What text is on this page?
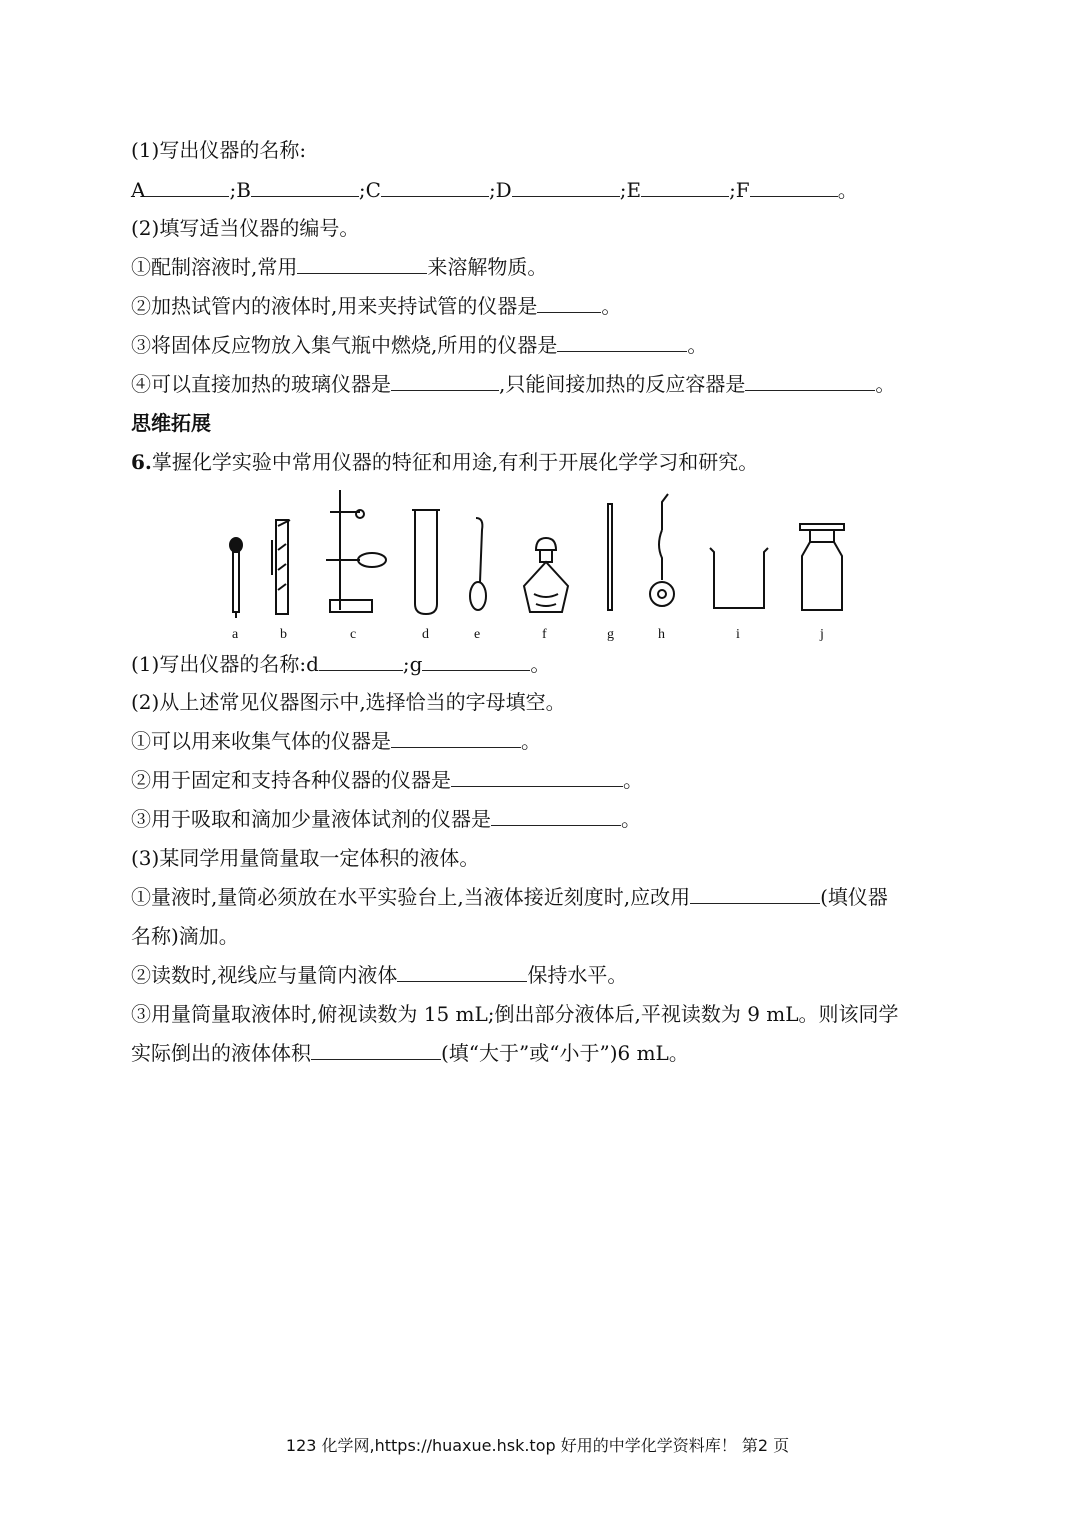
(1)写出仪器的名称:
A	;B	;C	;D	;E	;F	。
(2)填写适当仪器的编号。
①配制溶液时,常用	来溶解物质。
②加热试管内的液体时,用来夹持试管的仪器是	。
③将固体反应物放入集气瓶中燃烧,所用的仪器是	。
④可以直接加热的玻璃仪器是	,只能间接加热的反应容器是	。
思维拓展
6.掌握化学实验中常用仪器的特征和用途,有利于开展化学学习和研究。
a	b	c	d	e	f	g	h	i	j
(1)写出仪器的名称:d	;g	。
(2)从上述常见仪器图示中,选择恰当的字母填空。
①可以用来收集气体的仪器是	。
②用于固定和支持各种仪器的仪器是	。
③用于吸取和滴加少量液体试剂的仪器是	。
(3)某同学用量筒量取一定体积的液体。
①量液时,量筒必须放在水平实验台上,当液体接近刻度时,应改用	(填仪器
名称)滴加。
②读数时,视线应与量筒内液体	保持水平。
③用量筒量取液体时,俯视读数为 15 mL;倒出部分液体后,平视读数为 9 mL。则该同学
实际倒出的液体体积	(填“大于”或“小于”)6 mL。
123 化学网,https://huaxue.hsk.top 好用的中学化学资料库！ 第2 页
